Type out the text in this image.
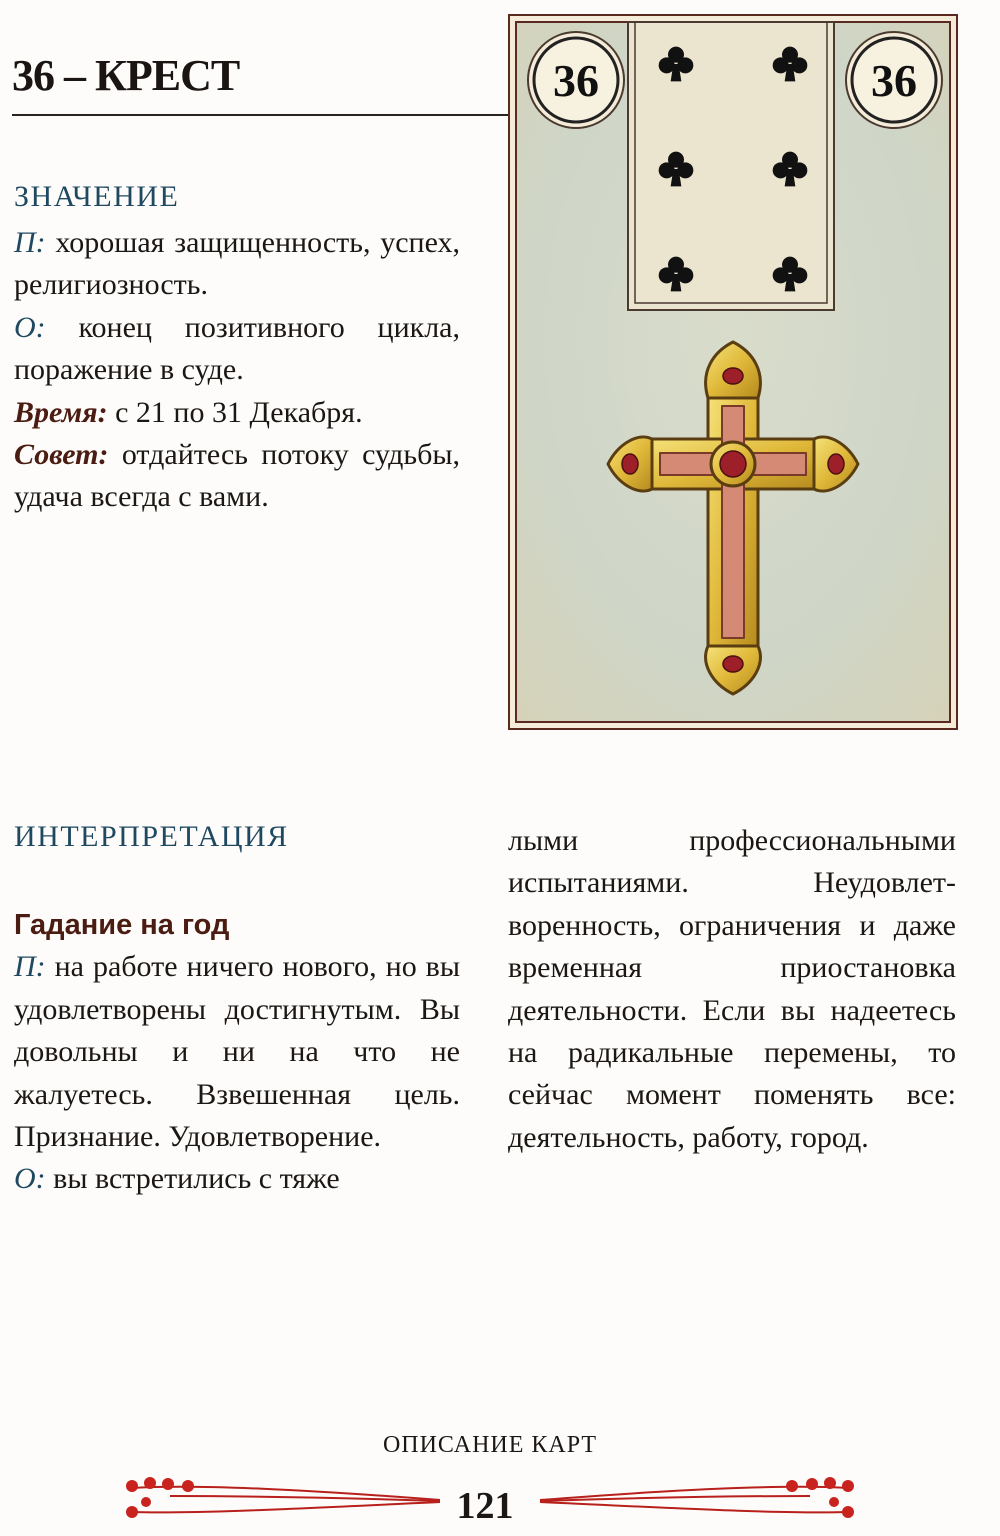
36 – КРЕСТ
ЗНАЧЕНИЕ

П: хорошая защищенность, успех, религиозность.

О: конец позитивного цикла, поражение в суде.

Время: с 21 по 31 Декабря.

Совет: отдайтесь потоку судьбы, удача всегда с вами.

36	36
ИНТЕРПРЕТАЦИЯ

Гадание на год

П: на работе ничего нового, но вы удовлетворены достигнутым. Вы довольны и ни на что не жалуетесь. Взвешенная цель. Признание. Удовлетворение.

О: вы встретились с тяже

лыми профессиональными испытаниями. Неудовлетворенность, ограничения и даже временная приостановка деятельности. Если вы надеетесь на радикальные перемены, то сейчас момент поменять все: деятельность, работу, город.

ОПИСАНИЕ КАРТ
121
